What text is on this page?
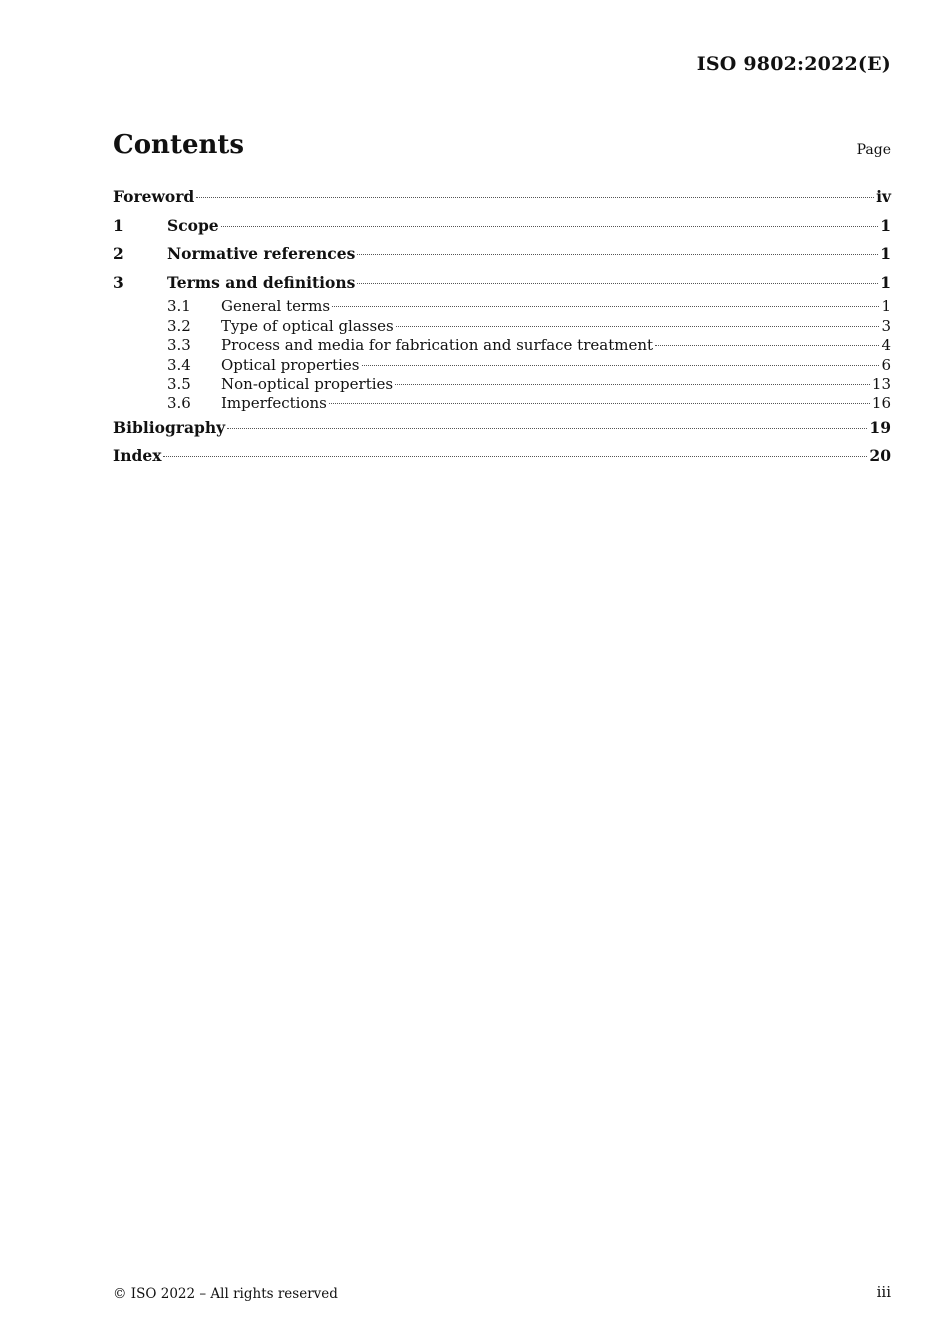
ISO 9802:2022(E)
Contents	Page
Foreword	iv
1	Scope	1
2	Normative references	1
3	Terms and definitions	1
3.1	General terms	1
3.2	Type of optical glasses	3
3.3	Process and media for fabrication and surface treatment	4
3.4	Optical properties	6
3.5	Non-optical properties	13
3.6	Imperfections	16
Bibliography	19
Index	20
© ISO 2022 – All rights reserved	iii
